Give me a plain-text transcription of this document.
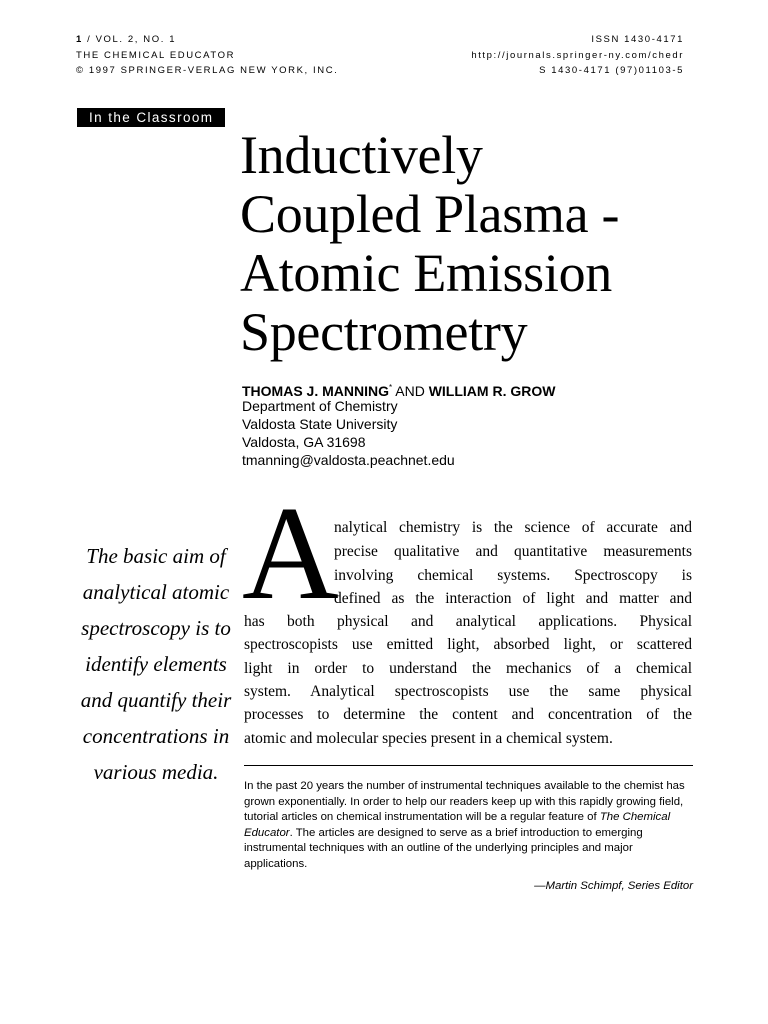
1 / VOL. 2, NO. 1
THE CHEMICAL EDUCATOR
© 1997 SPRINGER-VERLAG NEW YORK, INC.
ISSN 1430-4171
http://journals.springer-ny.com/chedr
S 1430-4171 (97)01103-5
In the Classroom
Inductively
Coupled Plasma -
Atomic Emission
Spectrometry
THOMAS J. MANNING* AND WILLIAM R. GROW
Department of Chemistry
Valdosta State University
Valdosta, GA 31698
tmanning@valdosta.peachnet.edu
The basic aim of analytical atomic spectroscopy is to identify elements and quantify their concentrations in various media.
A
nalytical chemistry is the science of accurate and
precise qualitative and quantitative measurements
involving chemical systems. Spectroscopy is
defined as the interaction of light and matter and
has both physical and analytical applications. Physical
spectroscopists use emitted light, absorbed light, or scattered
light in order to understand the mechanics of a chemical
system. Analytical spectroscopists use the same physical
processes to determine the content and concentration of the
atomic and molecular species present in a chemical system.

In the past 20 years the number of instrumental techniques available to the chemist has grown exponentially. In order to help our readers keep up with this rapidly growing field, tutorial articles on chemical instrumentation will be a regular feature of The Chemical Educator. The articles are designed to serve as a brief introduction to emerging instrumental techniques with an outline of the underlying principles and major applications.

—Martin Schimpf, Series Editor
